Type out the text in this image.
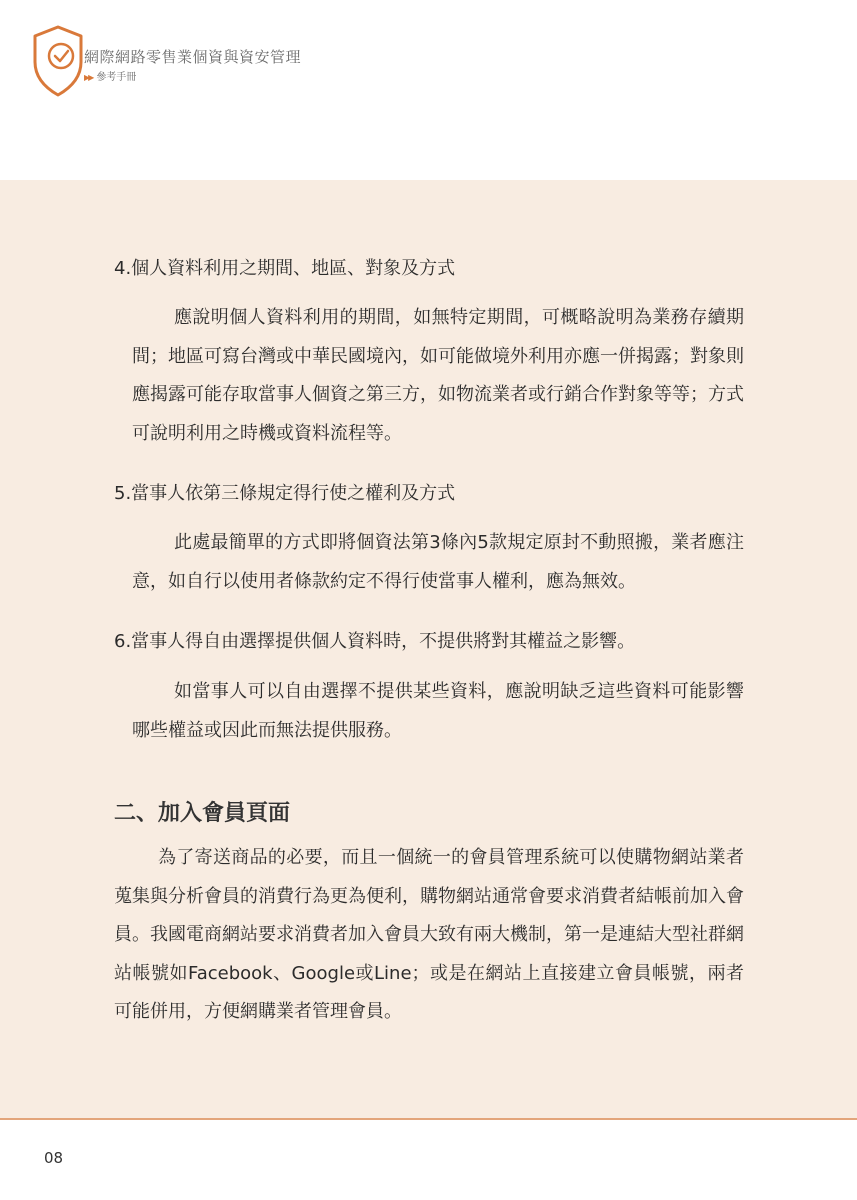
網際網路零售業個資與資安管理
▶▶ 參考手冊
4.個人資料利用之期間、地區、對象及方式
應說明個人資料利用的期間，如無特定期間，可概略說明為業務存續期間；地區可寫台灣或中華民國境內，如可能做境外利用亦應一併揭露；對象則應揭露可能存取當事人個資之第三方，如物流業者或行銷合作對象等等；方式可說明利用之時機或資料流程等。
5.當事人依第三條規定得行使之權利及方式
此處最簡單的方式即將個資法第3條內5款規定原封不動照搬，業者應注意，如自行以使用者條款約定不得行使當事人權利，應為無效。
6.當事人得自由選擇提供個人資料時，不提供將對其權益之影響。
如當事人可以自由選擇不提供某些資料，應說明缺乏這些資料可能影響哪些權益或因此而無法提供服務。
二、加入會員頁面
為了寄送商品的必要，而且一個統一的會員管理系統可以使購物網站業者蒐集與分析會員的消費行為更為便利，購物網站通常會要求消費者結帳前加入會員。我國電商網站要求消費者加入會員大致有兩大機制，第一是連結大型社群網站帳號如Facebook、Google或Line；或是在網站上直接建立會員帳號，兩者可能併用，方便網購業者管理會員。
08
